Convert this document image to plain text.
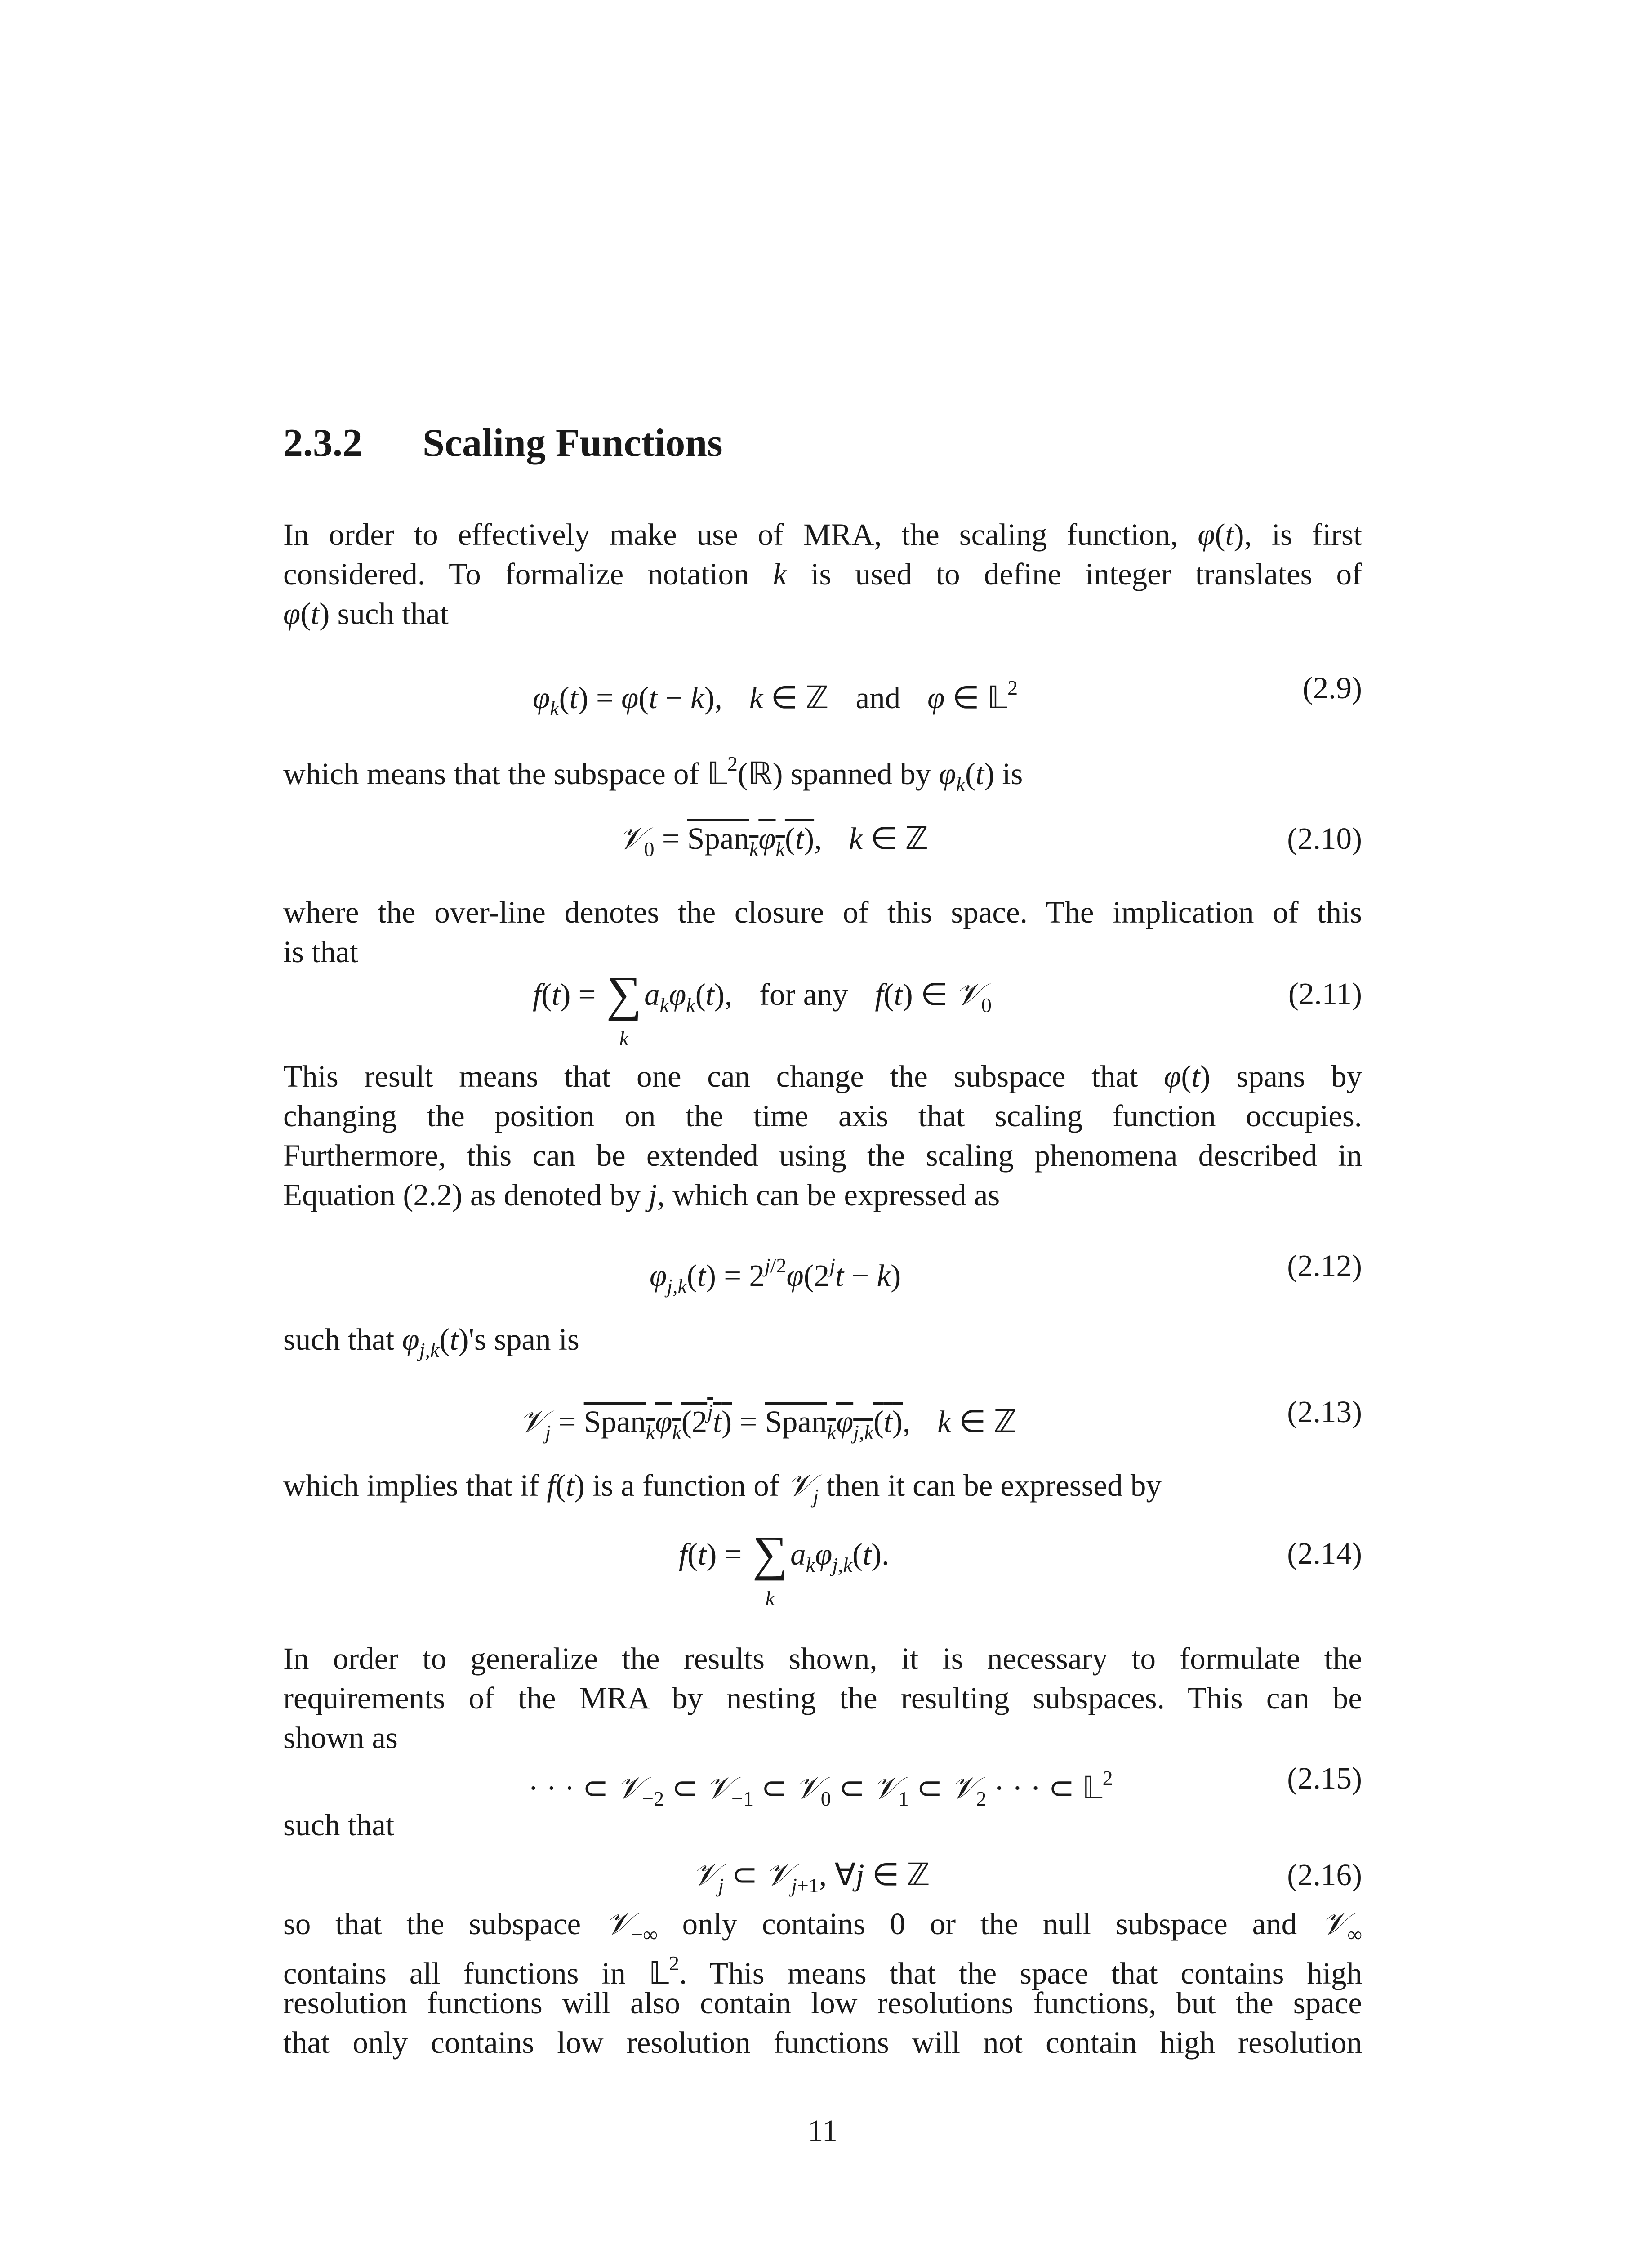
2.3.2 Scaling Functions
In order to effectively make use of MRA, the scaling function, φ(t), is first
considered. To formalize notation k is used to define integer translates of
φ(t) such that
$\varphi_k(t) = \varphi(t - k)$, k ∈ ℤ and φ ∈ 𝕃$^2$	(2.9)
which means that the subspace of 𝕃$^2$(ℝ) spanned by $\varphi_k(t)$ is
𝒱$_0$ = $Span_k\varphi_k(t)$, k ∈ ℤ	(2.10)
where the over-line denotes the closure of this space. The implication of this
is that
f(t) = ∑
k
$a_k\varphi_k(t)$, for any f(t) ∈ 𝒱$_0$	(2.11)
This result means that one can change the subspace that φ(t) spans by
changing the position on the time axis that scaling function occupies.
Furthermore, this can be extended using the scaling phenomena described in
Equation (2.2) as denoted by j, which can be expressed as
$\varphi_{j,k}(t) = 2^{j/2}\varphi(2^jt - k)$	(2.12)
such that $\varphi_{j,k}(t)'s$ span is
𝒱$_j$ = $Span_k\varphi_k(2^jt)$ = $Span_k\varphi_{j,k}(t)$, k ∈ ℤ	(2.13)
which implies that if f(t) is a function of 𝒱$_j$ then it can be expressed by
f(t) = ∑
k
$a_k\varphi_{j,k}(t)$.	(2.14)
In order to generalize the results shown, it is necessary to formulate the
requirements of the MRA by nesting the resulting subspaces. This can be
shown as
· · · ⊂ 𝒱$_{-2}$ ⊂ 𝒱$_{-1}$ ⊂ 𝒱$_0$ ⊂ 𝒱$_1$ ⊂ 𝒱$_2$ · · · ⊂ 𝕃$^2$	(2.15)
such that
𝒱$_j$ ⊂ 𝒱$_{j+1}$, ∀j ∈ ℤ	(2.16)
so that the subspace 𝒱$_{-\infty}$ only contains 0 or the null subspace and 𝒱$_\infty$
contains all functions in 𝕃$^2$. This means that the space that contains high
resolution functions will also contain low resolutions functions, but the space
that only contains low resolution functions will not contain high resolution
11
